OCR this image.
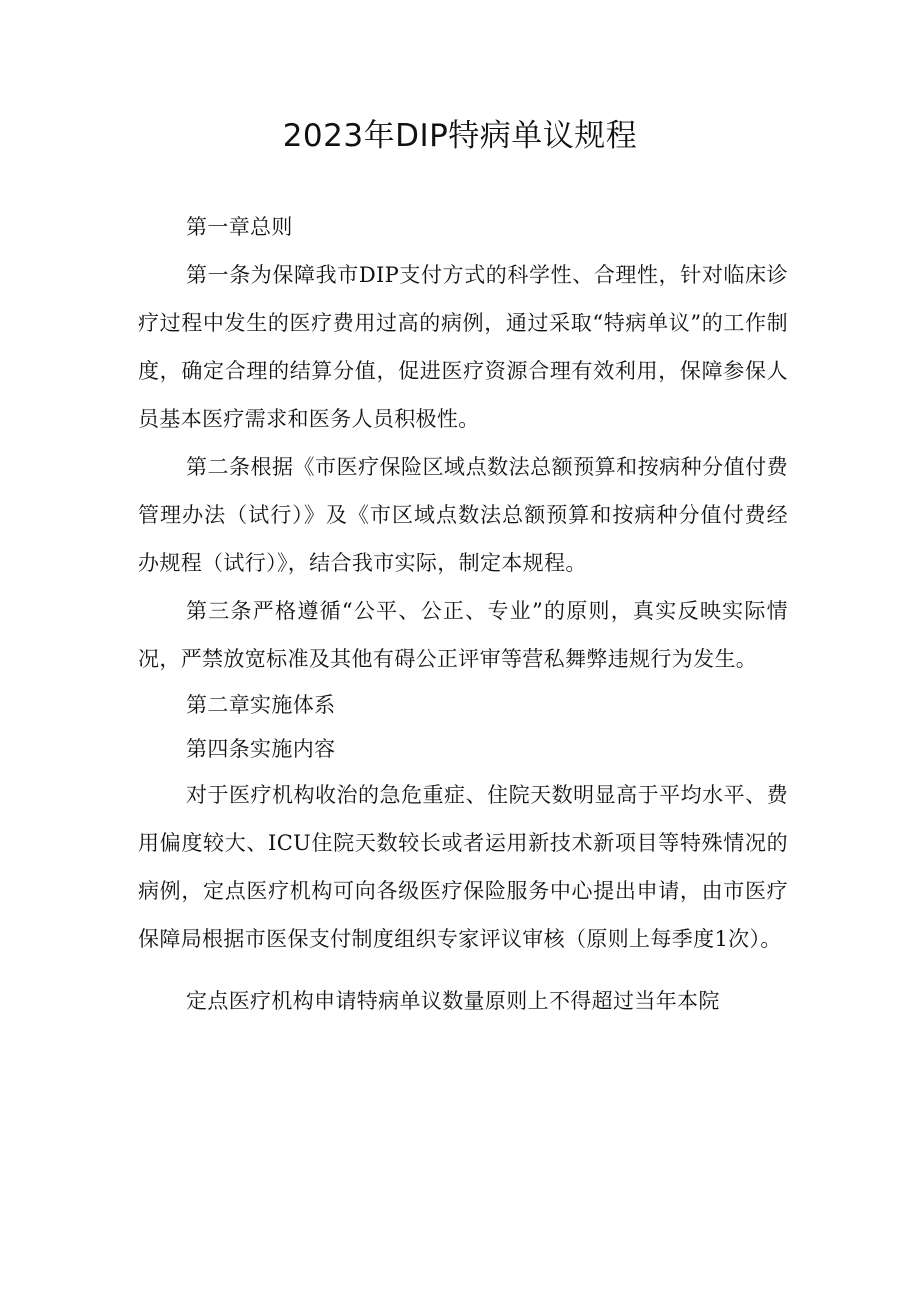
2023年DIP特病单议规程

第一章总则

第一条为保障我市DIP支付方式的科学性、合理性，针对临床诊疗过程中发生的医疗费用过高的病例，通过采取“特病单议”的工作制度，确定合理的结算分值，促进医疗资源合理有效利用，保障参保人员基本医疗需求和医务人员积极性。

第二条根据《市医疗保险区域点数法总额预算和按病种分值付费管理办法（试行）》及《市区域点数法总额预算和按病种分值付费经办规程（试行）》，结合我市实际，制定本规程。

第三条严格遵循“公平、公正、专业”的原则，真实反映实际情况，严禁放宽标准及其他有碍公正评审等营私舞弊违规行为发生。

第二章实施体系

第四条实施内容

对于医疗机构收治的急危重症、住院天数明显高于平均水平、费用偏度较大、ICU住院天数较长或者运用新技术新项目等特殊情况的病例，定点医疗机构可向各级医疗保险服务中心提出申请，由市医疗保障局根据市医保支付制度组织专家评议审核（原则上每季度1次）。

定点医疗机构申请特病单议数量原则上不得超过当年本院
